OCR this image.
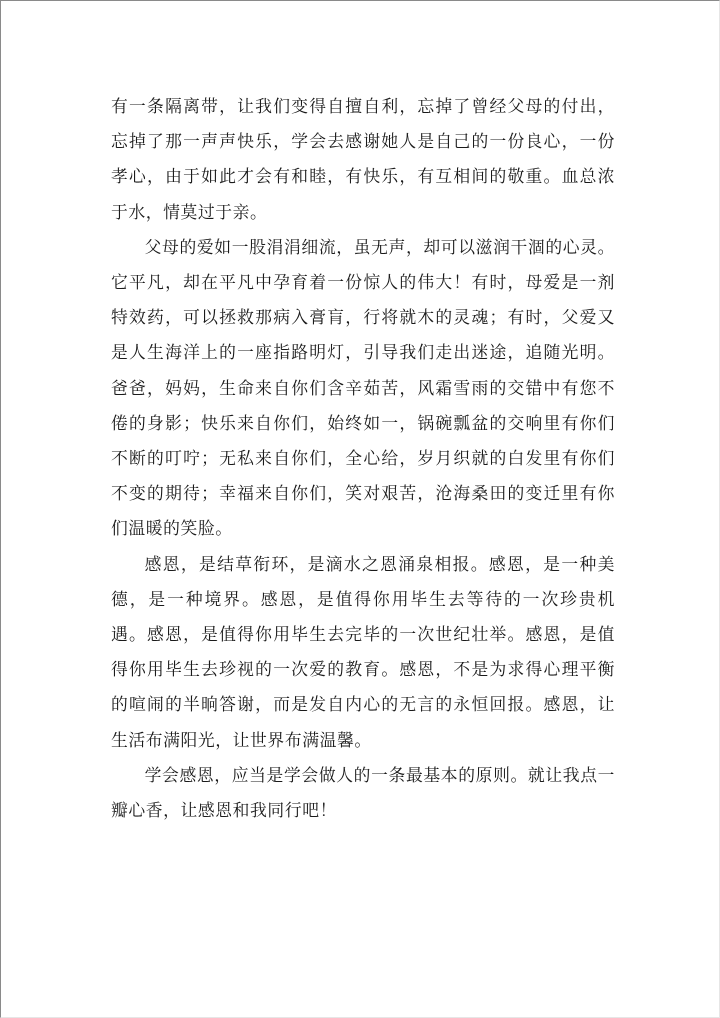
有一条隔离带，让我们变得自擅自利，忘掉了曾经父母的付出，忘掉了那一声声快乐，学会去感谢她人是自己的一份良心，一份孝心，由于如此才会有和睦，有快乐，有互相间的敬重。血总浓于水，情莫过于亲。

父母的爱如一股涓涓细流，虽无声，却可以滋润干涸的心灵。它平凡，却在平凡中孕育着一份惊人的伟大！有时，母爱是一剂特效药，可以拯救那病入膏肓，行将就木的灵魂；有时，父爱又是人生海洋上的一座指路明灯，引导我们走出迷途，追随光明。爸爸，妈妈，生命来自你们含辛茹苦，风霜雪雨的交错中有您不倦的身影；快乐来自你们，始终如一，锅碗瓢盆的交响里有你们不断的叮咛；无私来自你们，全心给，岁月织就的白发里有你们不变的期待；幸福来自你们，笑对艰苦，沧海桑田的变迁里有你们温暖的笑脸。

感恩，是结草衔环，是滴水之恩涌泉相报。感恩，是一种美德，是一种境界。感恩，是值得你用毕生去等待的一次珍贵机遇。感恩，是值得你用毕生去完毕的一次世纪壮举。感恩，是值得你用毕生去珍视的一次爱的教育。感恩，不是为求得心理平衡的喧闹的半晌答谢，而是发自内心的无言的永恒回报。感恩，让生活布满阳光，让世界布满温馨。

学会感恩，应当是学会做人的一条最基本的原则。就让我点一瓣心香，让感恩和我同行吧！
